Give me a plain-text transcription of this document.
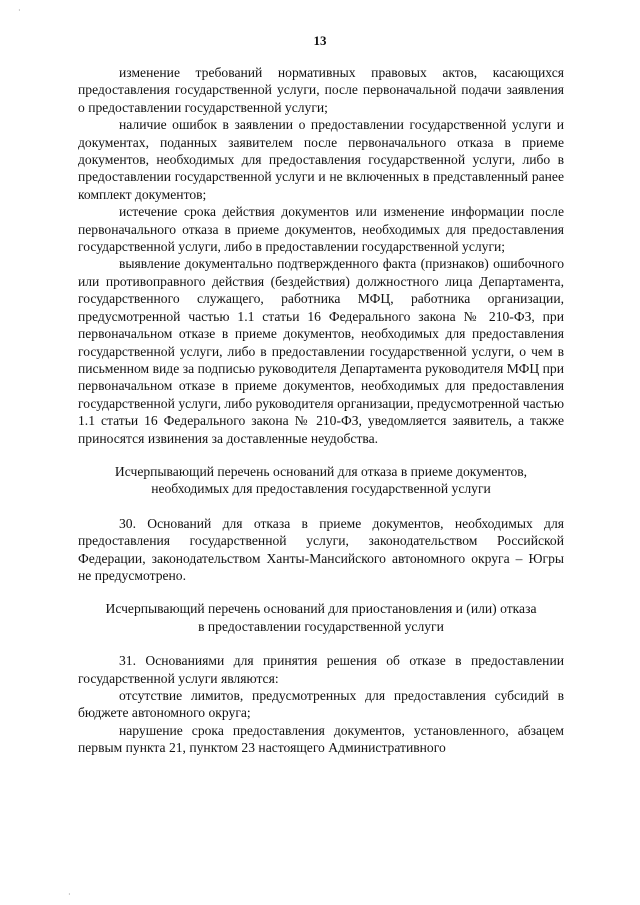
13

изменение требований нормативных правовых актов, касающихся предоставления государственной услуги, после первоначальной подачи заявления о предоставлении государственной услуги;

наличие ошибок в заявлении о предоставлении государственной услуги и документах, поданных заявителем после первоначального отказа в приеме документов, необходимых для предоставления государственной услуги, либо в предоставлении государственной услуги и не включенных в представленный ранее комплект документов;

истечение срока действия документов или изменение информации после первоначального отказа в приеме документов, необходимых для предоставления государственной услуги, либо в предоставлении государственной услуги;

выявление документально подтвержденного факта (признаков) ошибочного или противоправного действия (бездействия) должностного лица Департамента, государственного служащего, работника МФЦ, работника организации, предусмотренной частью 1.1 статьи 16 Федерального закона № 210-ФЗ, при первоначальном отказе в приеме документов, необходимых для предоставления государственной услуги, либо в предоставлении государственной услуги, о чем в письменном виде за подписью руководителя Департамента руководителя МФЦ при первоначальном отказе в приеме документов, необходимых для предоставления государственной услуги, либо руководителя организации, предусмотренной частью 1.1 статьи 16 Федерального закона № 210-ФЗ, уведомляется заявитель, а также приносятся извинения за доставленные неудобства.

Исчерпывающий перечень оснований для отказа в приеме документов,
необходимых для предоставления государственной услуги

30. Оснований для отказа в приеме документов, необходимых для предоставления государственной услуги, законодательством Российской Федерации, законодательством Ханты-Мансийского автономного округа – Югры не предусмотрено.

Исчерпывающий перечень оснований для приостановления и (или) отказа
в предоставлении государственной услуги

31. Основаниями для принятия решения об отказе в предоставлении государственной услуги являются:

отсутствие лимитов, предусмотренных для предоставления субсидий в бюджете автономного округа;

нарушение срока предоставления документов, установленного, абзацем первым пункта 21, пунктом 23 настоящего Административного

·
·
